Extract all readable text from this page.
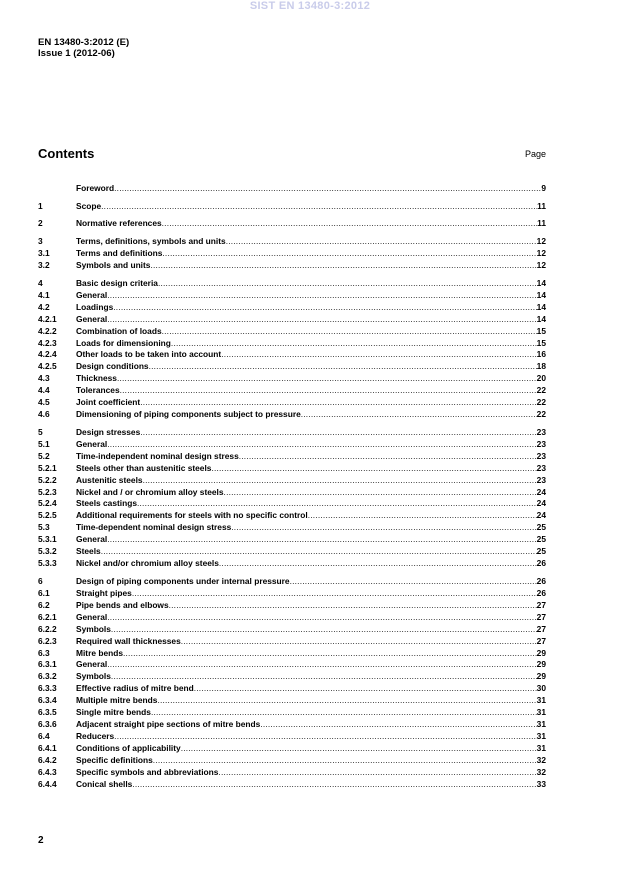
SIST EN 13480-3:2012
EN 13480-3:2012 (E)
Issue 1 (2012-06)
Contents	Page
Foreword .....	9
1	Scope .....	11
2	Normative references .....	11
3	Terms, definitions, symbols and units .....	12
3.1	Terms and definitions .....	12
3.2	Symbols and units .....	12
4	Basic design criteria .....	14
4.1	General .....	14
4.2	Loadings .....	14
4.2.1	General .....	14
4.2.2	Combination of loads .....	15
4.2.3	Loads for dimensioning .....	15
4.2.4	Other loads to be taken into account .....	16
4.2.5	Design conditions .....	18
4.3	Thickness .....	20
4.4	Tolerances .....	22
4.5	Joint coefficient .....	22
4.6	Dimensioning of piping components subject to pressure .....	22
5	Design stresses .....	23
5.1	General .....	23
5.2	Time-independent nominal design stress .....	23
5.2.1	Steels other than austenitic steels .....	23
5.2.2	Austenitic steels .....	23
5.2.3	Nickel and / or chromium alloy steels .....	24
5.2.4	Steels castings .....	24
5.2.5	Additional requirements for steels with no specific control .....	24
5.3	Time-dependent nominal design stress .....	25
5.3.1	General .....	25
5.3.2	Steels .....	25
5.3.3	Nickel and/or chromium alloy steels .....	26
6	Design of piping components under internal pressure .....	26
6.1	Straight pipes .....	26
6.2	Pipe bends and elbows .....	27
6.2.1	General .....	27
6.2.2	Symbols .....	27
6.2.3	Required wall thicknesses .....	27
6.3	Mitre bends .....	29
6.3.1	General .....	29
6.3.2	Symbols .....	29
6.3.3	Effective radius of mitre bend .....	30
6.3.4	Multiple mitre bends .....	31
6.3.5	Single mitre bends .....	31
6.3.6	Adjacent straight pipe sections of mitre bends .....	31
6.4	Reducers .....	31
6.4.1	Conditions of applicability .....	31
6.4.2	Specific definitions .....	32
6.4.3	Specific symbols and abbreviations .....	32
6.4.4	Conical shells .....	33
2
